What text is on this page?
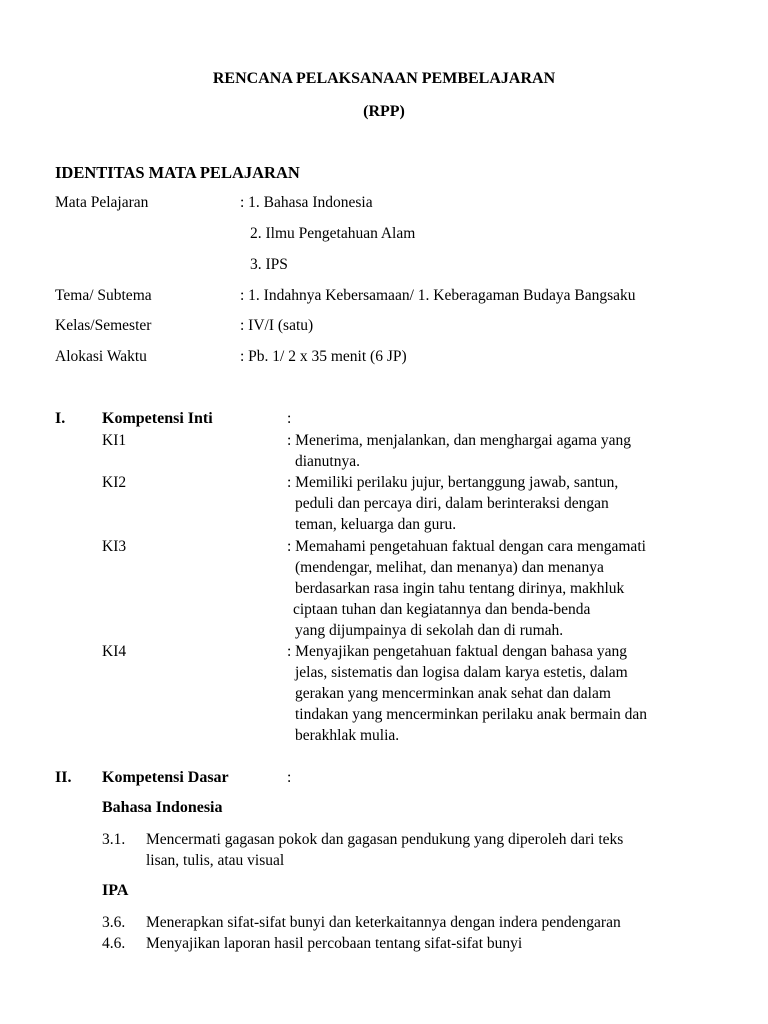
RENCANA PELAKSANAAN PEMBELAJARAN
(RPP)
IDENTITAS MATA PELAJARAN
Mata Pelajaran	: 1. Bahasa Indonesia
2. Ilmu Pengetahuan Alam
3. IPS
Tema/ Subtema	: 1. Indahnya Kebersamaan/ 1. Keberagaman Budaya Bangsaku
Kelas/Semester	: IV/I (satu)
Alokasi Waktu	: Pb. 1/ 2 x 35 menit (6 JP)
I. Kompetensi Inti	:
KI1	: Menerima, menjalankan, dan menghargai agama yang
dianutnya.
KI2	: Memiliki perilaku jujur, bertanggung jawab, santun,
peduli dan percaya diri, dalam berinteraksi dengan
teman, keluarga dan guru.
KI3	: Memahami pengetahuan faktual dengan cara mengamati
(mendengar, melihat, dan menanya) dan menanya
berdasarkan rasa ingin tahu tentang dirinya, makhluk
ciptaan tuhan dan kegiatannya dan benda-benda
yang dijumpainya di sekolah dan di rumah.
KI4	: Menyajikan pengetahuan faktual dengan bahasa yang
jelas, sistematis dan logisa dalam karya estetis, dalam
gerakan yang mencerminkan anak sehat dan dalam
tindakan yang mencerminkan perilaku anak bermain dan
berakhlak mulia.
II. Kompetensi Dasar	:
Bahasa Indonesia
3.1. Mencermati gagasan pokok dan gagasan pendukung yang diperoleh dari teks
lisan, tulis, atau visual
IPA
3.6. Menerapkan sifat-sifat bunyi dan keterkaitannya dengan indera pendengaran
4.6. Menyajikan laporan hasil percobaan tentang sifat-sifat bunyi
